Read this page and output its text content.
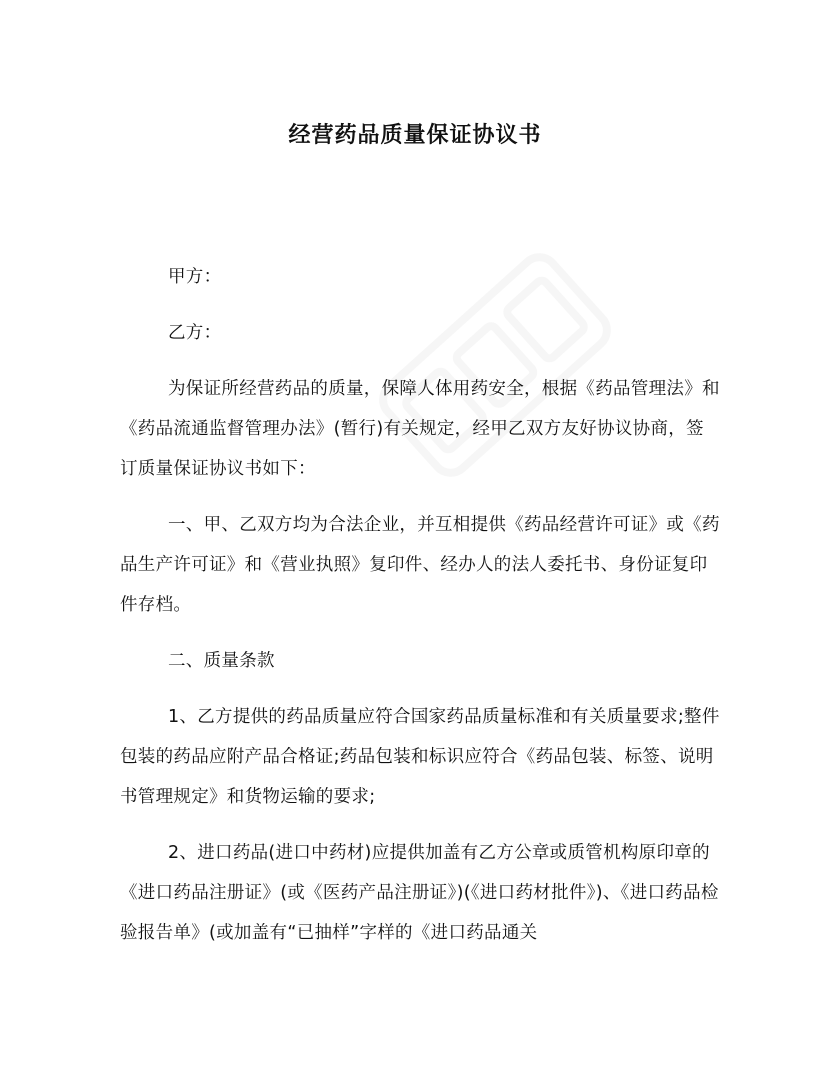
经营药品质量保证协议书

甲方：

乙方：

为保证所经营药品的质量，保障人体用药安全，根据《药品管理法》和《药品流通监督管理办法》(暂行)有关规定，经甲乙双方友好协议协商，签订质量保证协议书如下：

一、甲、乙双方均为合法企业，并互相提供《药品经营许可证》或《药品生产许可证》和《营业执照》复印件、经办人的法人委托书、身份证复印件存档。

二、质量条款

1、乙方提供的药品质量应符合国家药品质量标准和有关质量要求;整件包装的药品应附产品合格证;药品包装和标识应符合《药品包装、标签、说明书管理规定》和货物运输的要求;

2、进口药品(进口中药材)应提供加盖有乙方公章或质管机构原印章的《进口药品注册证》(或《医药产品注册证》)(《进口药材批件》)、《进口药品检验报告单》(或加盖有“已抽样”字样的《进口药品通关
